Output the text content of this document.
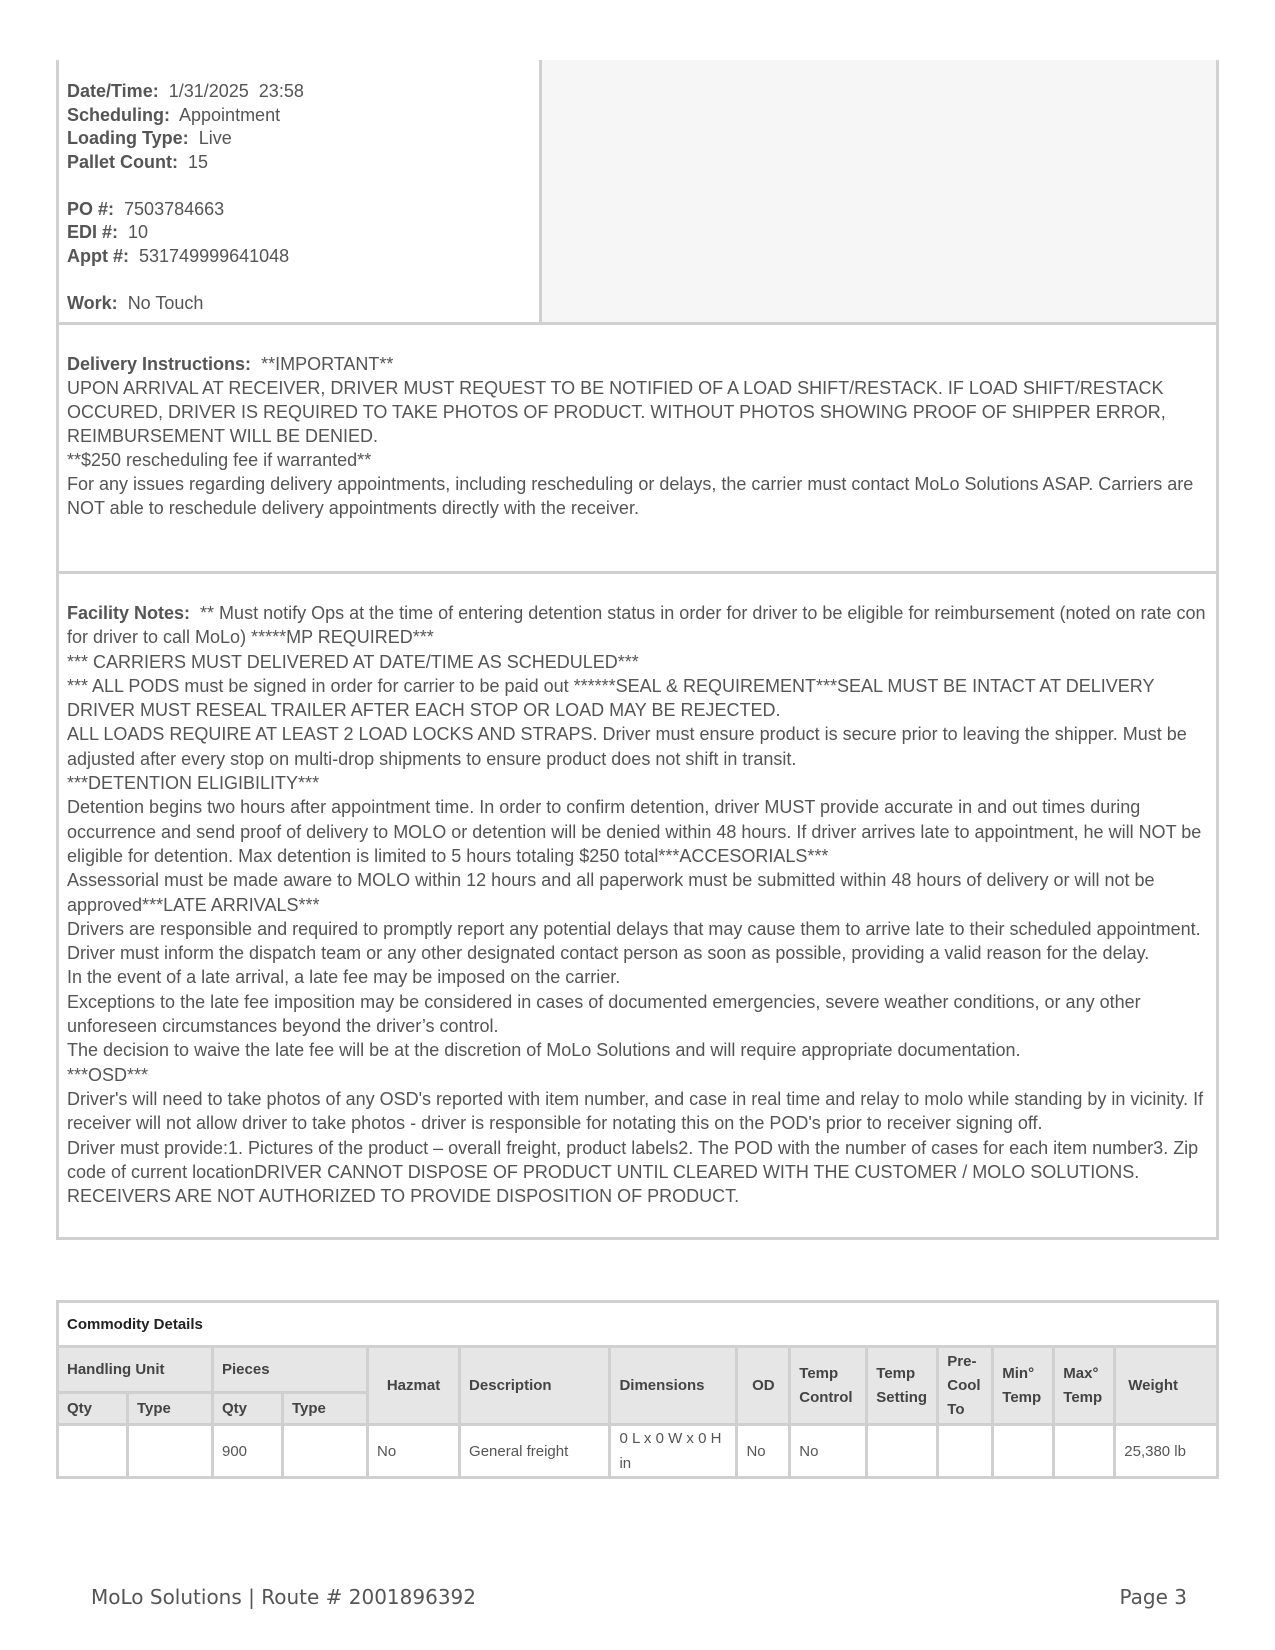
Date/Time: 1/31/2025  23:58
Scheduling: Appointment
Loading Type: Live
Pallet Count: 15
PO #: 7503784663
EDI #: 10
Appt #: 531749999641048
Work: No Touch
Delivery Instructions: **IMPORTANT**
UPON ARRIVAL AT RECEIVER, DRIVER MUST REQUEST TO BE NOTIFIED OF A LOAD SHIFT/RESTACK. IF LOAD SHIFT/RESTACK OCCURED, DRIVER IS REQUIRED TO TAKE PHOTOS OF PRODUCT. WITHOUT PHOTOS SHOWING PROOF OF SHIPPER ERROR, REIMBURSEMENT WILL BE DENIED.
**$250 rescheduling fee if warranted**
For any issues regarding delivery appointments, including rescheduling or delays, the carrier must contact MoLo Solutions ASAP. Carriers are NOT able to reschedule delivery appointments directly with the receiver.
Facility Notes: ** Must notify Ops at the time of entering detention status in order for driver to be eligible for reimbursement (noted on rate con for driver to call MoLo) *****MP REQUIRED***
*** CARRIERS MUST DELIVERED AT DATE/TIME AS SCHEDULED***
*** ALL PODS must be signed in order for carrier to be paid out ******SEAL & REQUIREMENT***SEAL MUST BE INTACT AT DELIVERY DRIVER MUST RESEAL TRAILER AFTER EACH STOP OR LOAD MAY BE REJECTED.
ALL LOADS REQUIRE AT LEAST 2 LOAD LOCKS AND STRAPS. Driver must ensure product is secure prior to leaving the shipper. Must be adjusted after every stop on multi-drop shipments to ensure product does not shift in transit.
***DETENTION ELIGIBILITY***
Detention begins two hours after appointment time. In order to confirm detention, driver MUST provide accurate in and out times during occurrence and send proof of delivery to MOLO or detention will be denied within 48 hours. If driver arrives late to appointment, he will NOT be eligible for detention. Max detention is limited to 5 hours totaling $250 total***ACCESORIALS***
Assessorial must be made aware to MOLO within 12 hours and all paperwork must be submitted within 48 hours of delivery or will not be approved***LATE ARRIVALS***
Drivers are responsible and required to promptly report any potential delays that may cause them to arrive late to their scheduled appointment. Driver must inform the dispatch team or any other designated contact person as soon as possible, providing a valid reason for the delay.
In the event of a late arrival, a late fee may be imposed on the carrier.
Exceptions to the late fee imposition may be considered in cases of documented emergencies, severe weather conditions, or any other unforeseen circumstances beyond the driver’s control.
The decision to waive the late fee will be at the discretion of MoLo Solutions and will require appropriate documentation.
***OSD***
Driver's will need to take photos of any OSD's reported with item number, and case in real time and relay to molo while standing by in vicinity. If receiver will not allow driver to take photos - driver is responsible for notating this on the POD's prior to receiver signing off.
Driver must provide:1. Pictures of the product – overall freight, product labels2. The POD with the number of cases for each item number3. Zip code of current locationDRIVER CANNOT DISPOSE OF PRODUCT UNTIL CLEARED WITH THE CUSTOMER / MOLO SOLUTIONS. RECEIVERS ARE NOT AUTHORIZED TO PROVIDE DISPOSITION OF PRODUCT.
Commodity Details													
Handling Unit		Pieces		Hazmat	Description	Dimensions	OD	Temp Control	Temp Setting	Pre-Cool To	Min° Temp	Max° Temp	Weight
Qty	Type	Qty	Type										
		900		No	General freight	0 L x 0 W x 0 H in	No	No					25,380 lb
MoLo Solutions | Route # 2001896392	Page 3
